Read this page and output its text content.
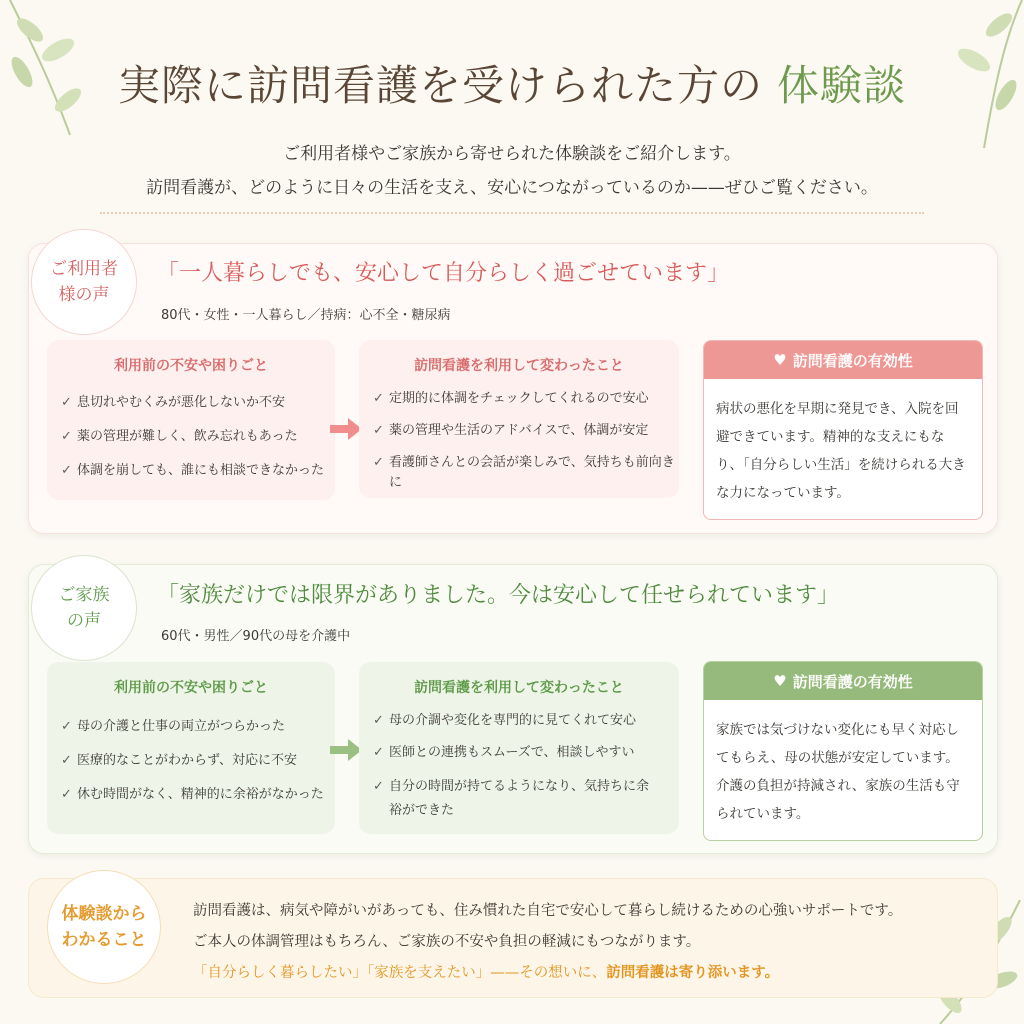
実際に訪問看護を受けられた方の 体験談
ご利用者様やご家族から寄せられた体験談をご紹介します。
訪問看護が、どのように日々の生活を支え、安心につながっているのか——ぜひご覧ください。
ご利用者
様の声
「一人暮らしでも、安心して自分らしく過ごせています」
80代・女性・一人暮らし／持病：心不全・糖尿病
利用前の不安や困りごと
✓ 息切れやむくみが悪化しないか不安
✓ 薬の管理が難しく、飲み忘れもあった
✓ 体調を崩しても、誰にも相談できなかった
訪問看護を利用して変わったこと
✓ 定期的に体調をチェックしてくれるので安心
✓ 薬の管理や生活のアドバイスで、体調が安定
✓ 看護師さんとの会話が楽しみで、気持ちも前向きに
♥ 訪問看護の有効性

病状の悪化を早期に発見でき、入院を回避できています。精神的な支えにもなり、「自分らしい生活」を続けられる大きな力になっています。

ご家族
の声
「家族だけでは限界がありました。今は安心して任せられています」
60代・男性／90代の母を介護中
利用前の不安や困りごと
✓ 母の介護と仕事の両立がつらかった
✓ 医療的なことがわからず、対応に不安
✓ 休む時間がなく、精神的に余裕がなかった
訪問看護を利用して変わったこと
✓ 母の介調や変化を専門的に見てくれて安心
✓ 医師との連携もスムーズで、相談しやすい
✓ 自分の時間が持てるようになり、気持ちに余裕ができた
♥ 訪問看護の有効性

家族では気づけない変化にも早く対応してもらえ、母の状態が安定しています。介護の負担が持減され、家族の生活も守られています。

体験談から
わかること
訪問看護は、病気や障がいがあっても、住み慣れた自宅で安心して暮らし続けるための心強いサポートです。
ご本人の体調管理はもちろん、ご家族の不安や負担の軽減にもつながります。
「自分らしく暮らしたい」「家族を支えたい」——その想いに、訪問看護は寄り添います。
